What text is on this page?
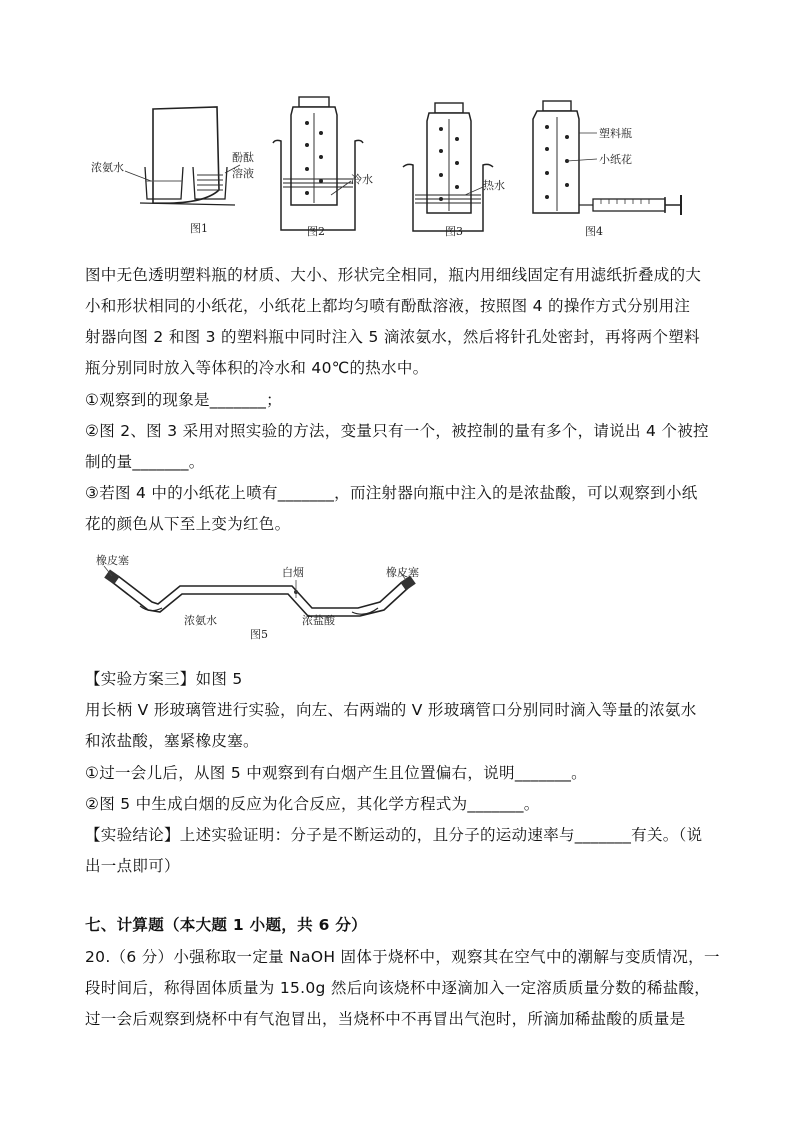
浓氨水
酚酞
溶液
图1
冷水
图2
热水
图3
塑料瓶
小纸花
图4
图中无色透明塑料瓶的材质、大小、形状完全相同，瓶内用细线固定有用滤纸折叠成的大
小和形状相同的小纸花，小纸花上都均匀喷有酚酞溶液，按照图 4 的操作方式分别用注
射器向图 2 和图 3 的塑料瓶中同时注入 5 滴浓氨水，然后将针孔处密封，再将两个塑料
瓶分别同时放入等体积的冷水和 40℃的热水中。
①观察到的现象是_______；
②图 2、图 3 采用对照实验的方法，变量只有一个，被控制的量有多个，请说出 4 个被控
制的量_______。
③若图 4 中的小纸花上喷有_______，而注射器向瓶中注入的是浓盐酸，可以观察到小纸
花的颜色从下至上变为红色。
橡皮塞
白烟	橡皮塞
浓氨水	浓盐酸
图5
【实验方案三】如图 5
用长柄 V 形玻璃管进行实验，向左、右两端的 V 形玻璃管口分别同时滴入等量的浓氨水
和浓盐酸，塞紧橡皮塞。
①过一会儿后，从图 5 中观察到有白烟产生且位置偏右，说明_______。
②图 5 中生成白烟的反应为化合反应，其化学方程式为_______。
【实验结论】上述实验证明：分子是不断运动的，且分子的运动速率与_______有关。（说
出一点即可）
七、计算题（本大题 1 小题，共 6 分）
20.（6 分）小强称取一定量 NaOH 固体于烧杯中，观察其在空气中的潮解与变质情况，一
段时间后，称得固体质量为 15.0g 然后向该烧杯中逐滴加入一定溶质质量分数的稀盐酸，
过一会后观察到烧杯中有气泡冒出，当烧杯中不再冒出气泡时，所滴加稀盐酸的质量是
